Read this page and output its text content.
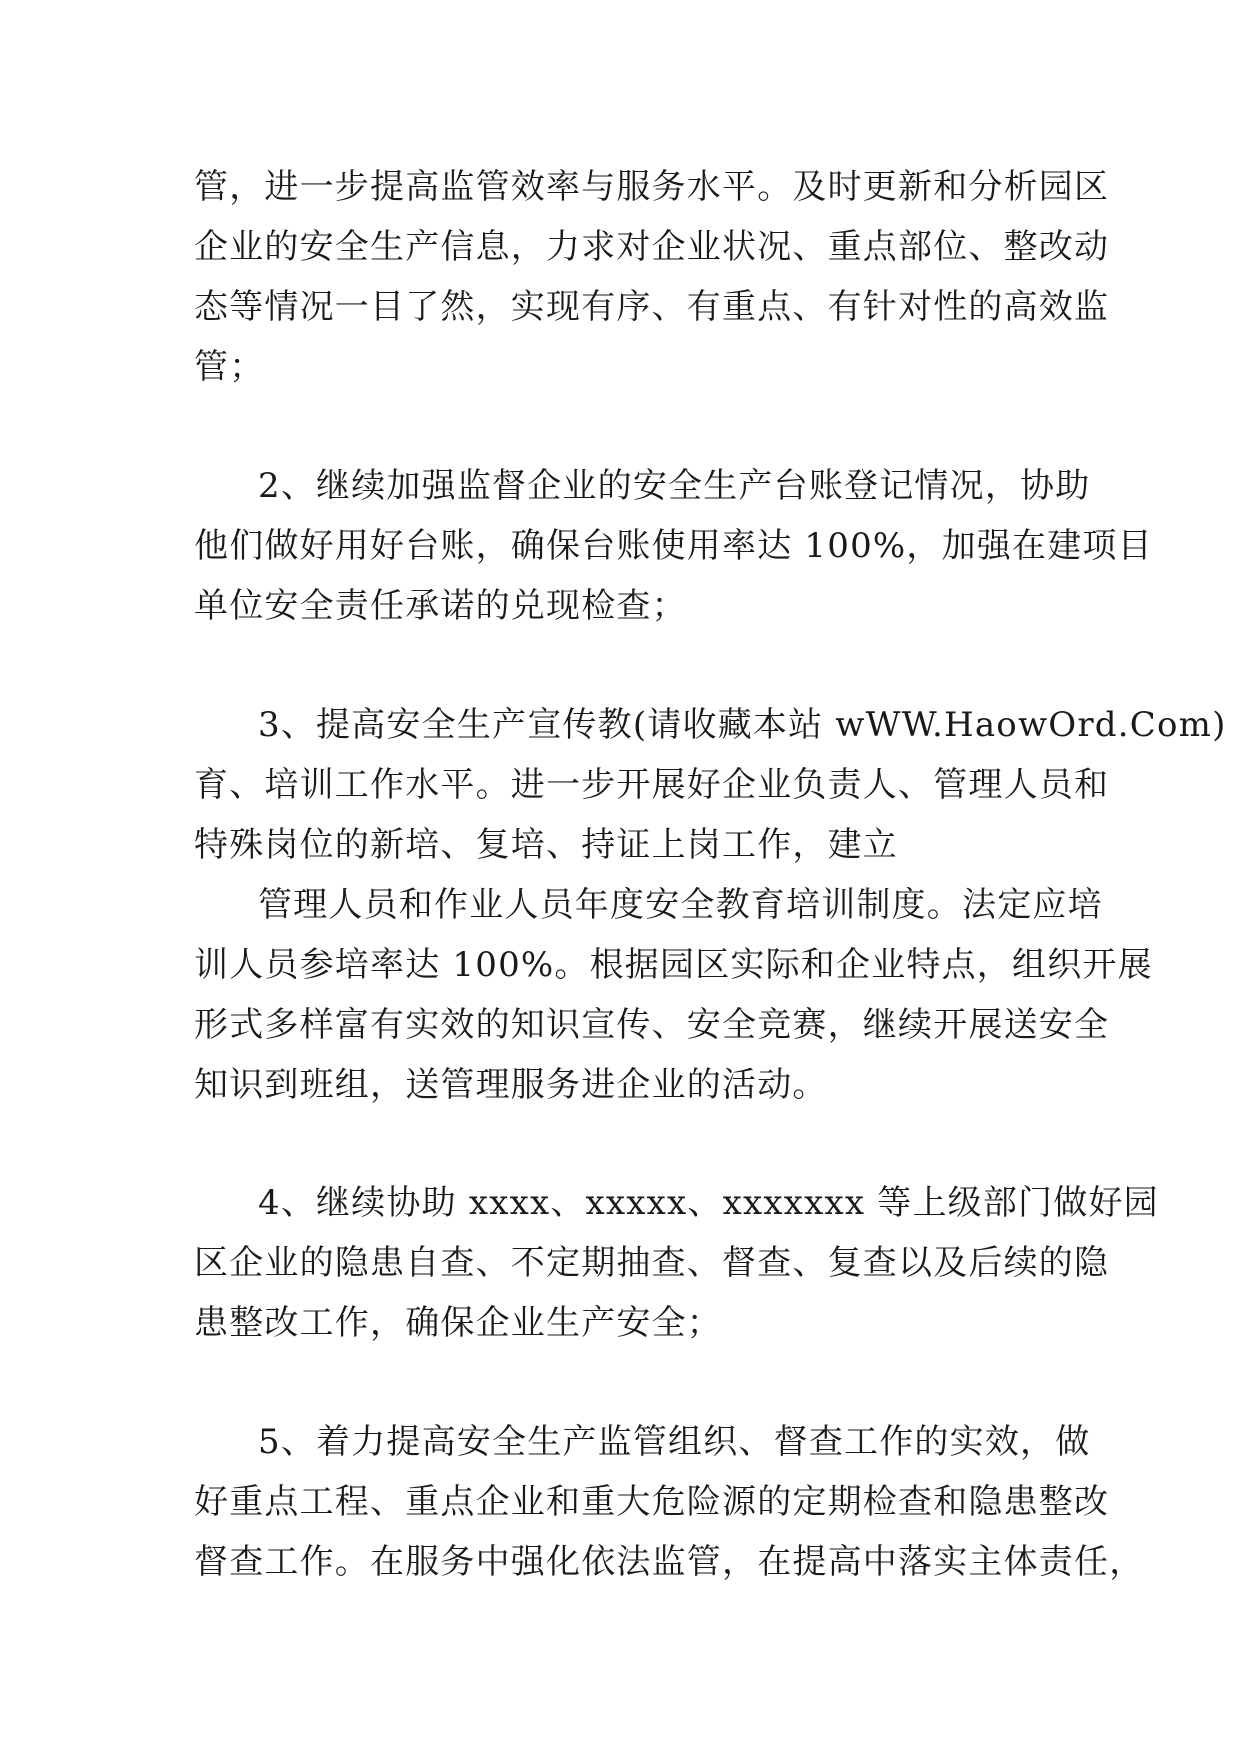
管，进一步提高监管效率与服务水平。及时更新和分析园区
企业的安全生产信息，力求对企业状况、重点部位、整改动
态等情况一目了然，实现有序、有重点、有针对性的高效监
管；
2、继续加强监督企业的安全生产台账登记情况，协助
他们做好用好台账，确保台账使用率达 100%，加强在建项目
单位安全责任承诺的兑现检查；
3、提高安全生产宣传教(请收藏本站 wWW.HaowOrd.Com)
育、培训工作水平。进一步开展好企业负责人、管理人员和
特殊岗位的新培、复培、持证上岗工作，建立
管理人员和作业人员年度安全教育培训制度。法定应培
训人员参培率达 100%。根据园区实际和企业特点，组织开展
形式多样富有实效的知识宣传、安全竞赛，继续开展送安全
知识到班组，送管理服务进企业的活动。
4、继续协助 xxxx、xxxxx、xxxxxxx 等上级部门做好园
区企业的隐患自查、不定期抽查、督查、复查以及后续的隐
患整改工作，确保企业生产安全；
5、着力提高安全生产监管组织、督查工作的实效，做
好重点工程、重点企业和重大危险源的定期检查和隐患整改
督查工作。在服务中强化依法监管，在提高中落实主体责任，
